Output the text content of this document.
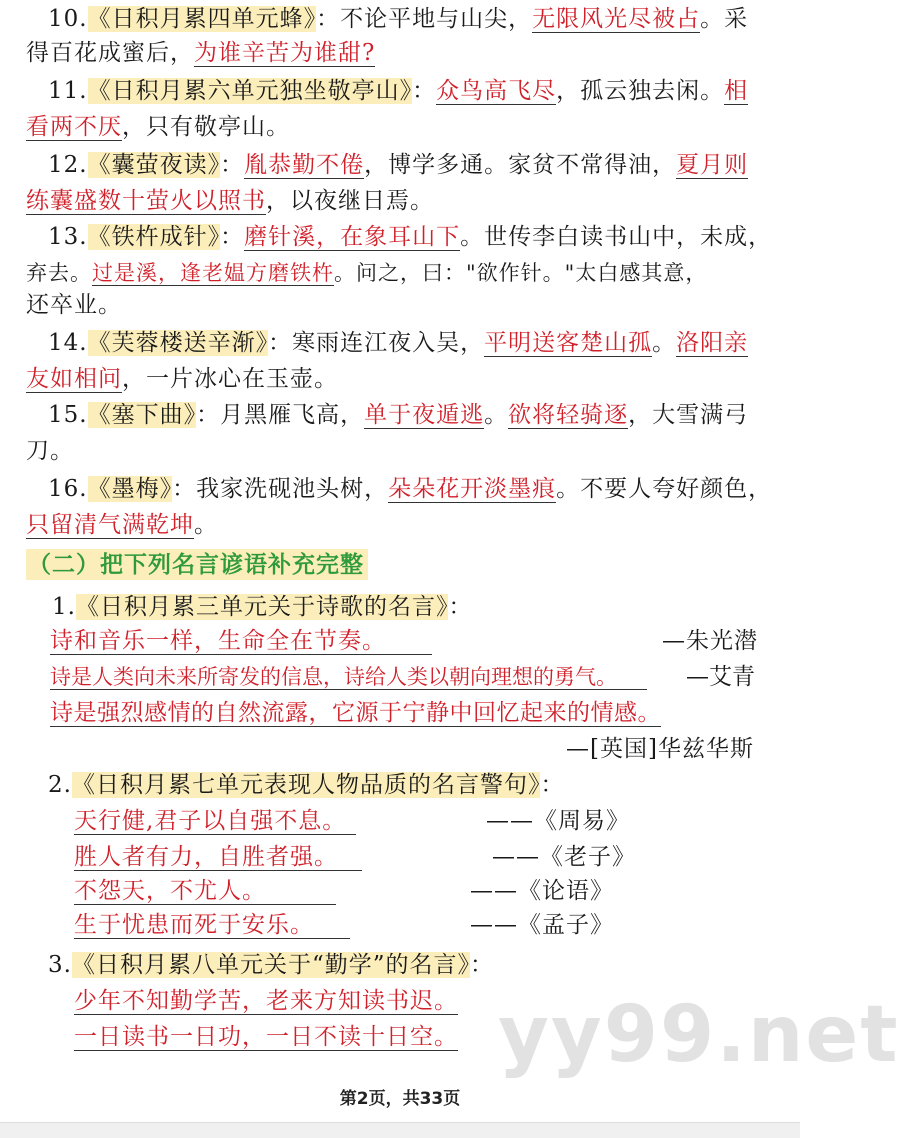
10.《日积月累四单元蜂》：不论平地与山尖，无限风光尽被占。采
得百花成蜜后，为谁辛苦为谁甜?
11.《日积月累六单元独坐敬亭山》：众鸟高飞尽，孤云独去闲。相
看两不厌，只有敬亭山。
12.《囊萤夜读》：胤恭勤不倦，博学多通。家贫不常得油，夏月则
练囊盛数十萤火以照书，以夜继日焉。
13.《铁杵成针》：磨针溪，在象耳山下。世传李白读书山中，未成，
弃去。过是溪，逢老媪方磨铁杵。问之，曰："欲作针。"太白感其意，
还卒业。
14.《芙蓉楼送辛渐》：寒雨连江夜入吴，平明送客楚山孤。洛阳亲
友如相问，一片冰心在玉壶。
15.《塞下曲》：月黑雁飞高，单于夜遁逃。欲将轻骑逐，大雪满弓
刀。
16.《墨梅》：我家洗砚池头树，朵朵花开淡墨痕。不要人夸好颜色，
只留清气满乾坤。
（二）把下列名言谚语补充完整
1.《日积月累三单元关于诗歌的名言》：
诗和音乐一样，生命全在节奏。	—朱光潜
诗是人类向未来所寄发的信息，诗给人类以朝向理想的勇气。	—艾青
诗是强烈感情的自然流露，它源于宁静中回忆起来的情感。
—[英国]华兹华斯
2.《日积月累七单元表现人物品质的名言警句》：
天行健,君子以自强不息。	——《周易》
胜人者有力，自胜者强。	——《老子》
不怨天，不尤人。	——《论语》
生于忧患而死于安乐。	——《孟子》
3.《日积月累八单元关于“勤学”的名言》：
少年不知勤学苦，老来方知读书迟。
一日读书一日功，一日不读十日空。 yy99.net
第2页，共33页
